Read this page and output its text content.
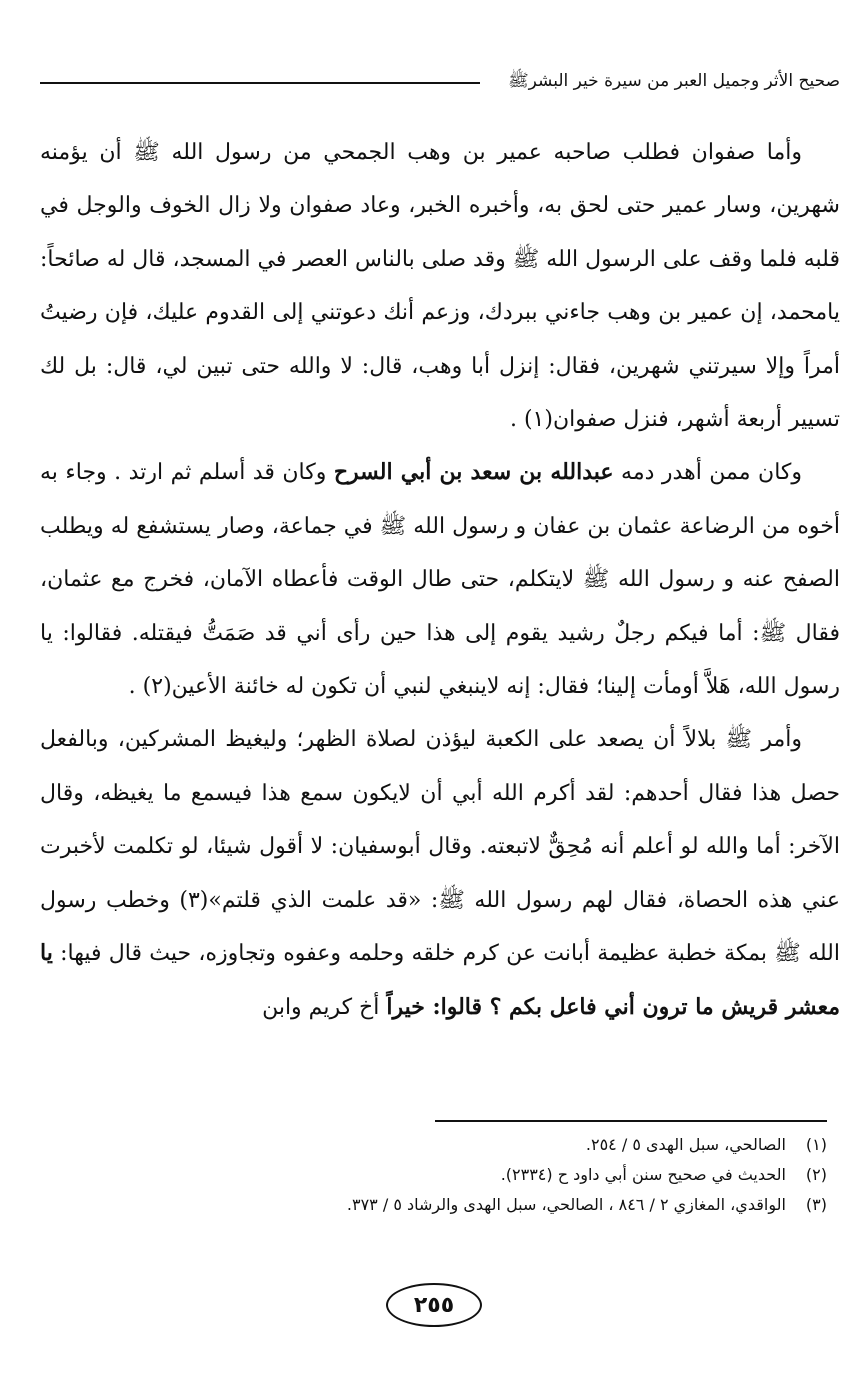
صحيح الأثر وجميل العبر من سيرة خير البشرﷺ

وأما صفوان فطلب صاحبه عمير بن وهب الجمحي من رسول الله ﷺ أن يؤمنه شهرين، وسار عمير حتى لحق به، وأخبره الخبر، وعاد صفوان ولا زال الخوف والوجل في قلبه فلما وقف على الرسول الله ﷺ وقد صلى بالناس العصر في المسجد، قال له صائحاً: يامحمد، إن عمير بن وهب جاءني ببردك، وزعم أنك دعوتني إلى القدوم عليك، فإن رضيتُ أمراً وإلا سيرتني شهرين، فقال: إنزل أبا وهب، قال: لا والله حتى تبين لي، قال: بل لك تسيير أربعة أشهر، فنزل صفوان(١) .

وكان ممن أهدر دمه عبدالله بن سعد بن أبي السرح وكان قد أسلم ثم ارتد . وجاء به أخوه من الرضاعة عثمان بن عفان و رسول الله ﷺ في جماعة، وصار يستشفع له ويطلب الصفح عنه و رسول الله ﷺ لايتكلم، حتى طال الوقت فأعطاه الآمان، فخرج مع عثمان، فقال ﷺ: أما فيكم رجلٌ رشيد يقوم إلى هذا حين رأى أني قد صَمَتُّ فيقتله. فقالوا: يا رسول الله، هَلاَّ أومأت إلينا؛ فقال: إنه لاينبغي لنبي أن تكون له خائنة الأعين(٢) .

وأمر ﷺ بلالاً أن يصعد على الكعبة ليؤذن لصلاة الظهر؛ وليغيظ المشركين، وبالفعل حصل هذا فقال أحدهم: لقد أكرم الله أبي أن لايكون سمع هذا فيسمع ما يغيظه، وقال الآخر: أما والله لو أعلم أنه مُحِقٌّ لاتبعته. وقال أبوسفيان: لا أقول شيئا، لو تكلمت لأخبرت عني هذه الحصاة، فقال لهم رسول الله ﷺ: «قد علمت الذي قلتم»(٣) وخطب رسول الله ﷺ بمكة خطبة عظيمة أبانت عن كرم خلقه وحلمه وعفوه وتجاوزه، حيث قال فيها: يا معشر قريش ما ترون أني فاعل بكم ؟ قالوا: خيراً أخ كريم وابن

(١) الصالحي، سبل الهدى ٥ / ٢٥٤.
(٢) الحديث في صحيح سنن أبي داود ح (٢٣٣٤).
(٣) الواقدي، المغازي ٢ / ٨٤٦ ، الصالحي، سبل الهدى والرشاد ٥ / ٣٧٣.
٢٥٥
